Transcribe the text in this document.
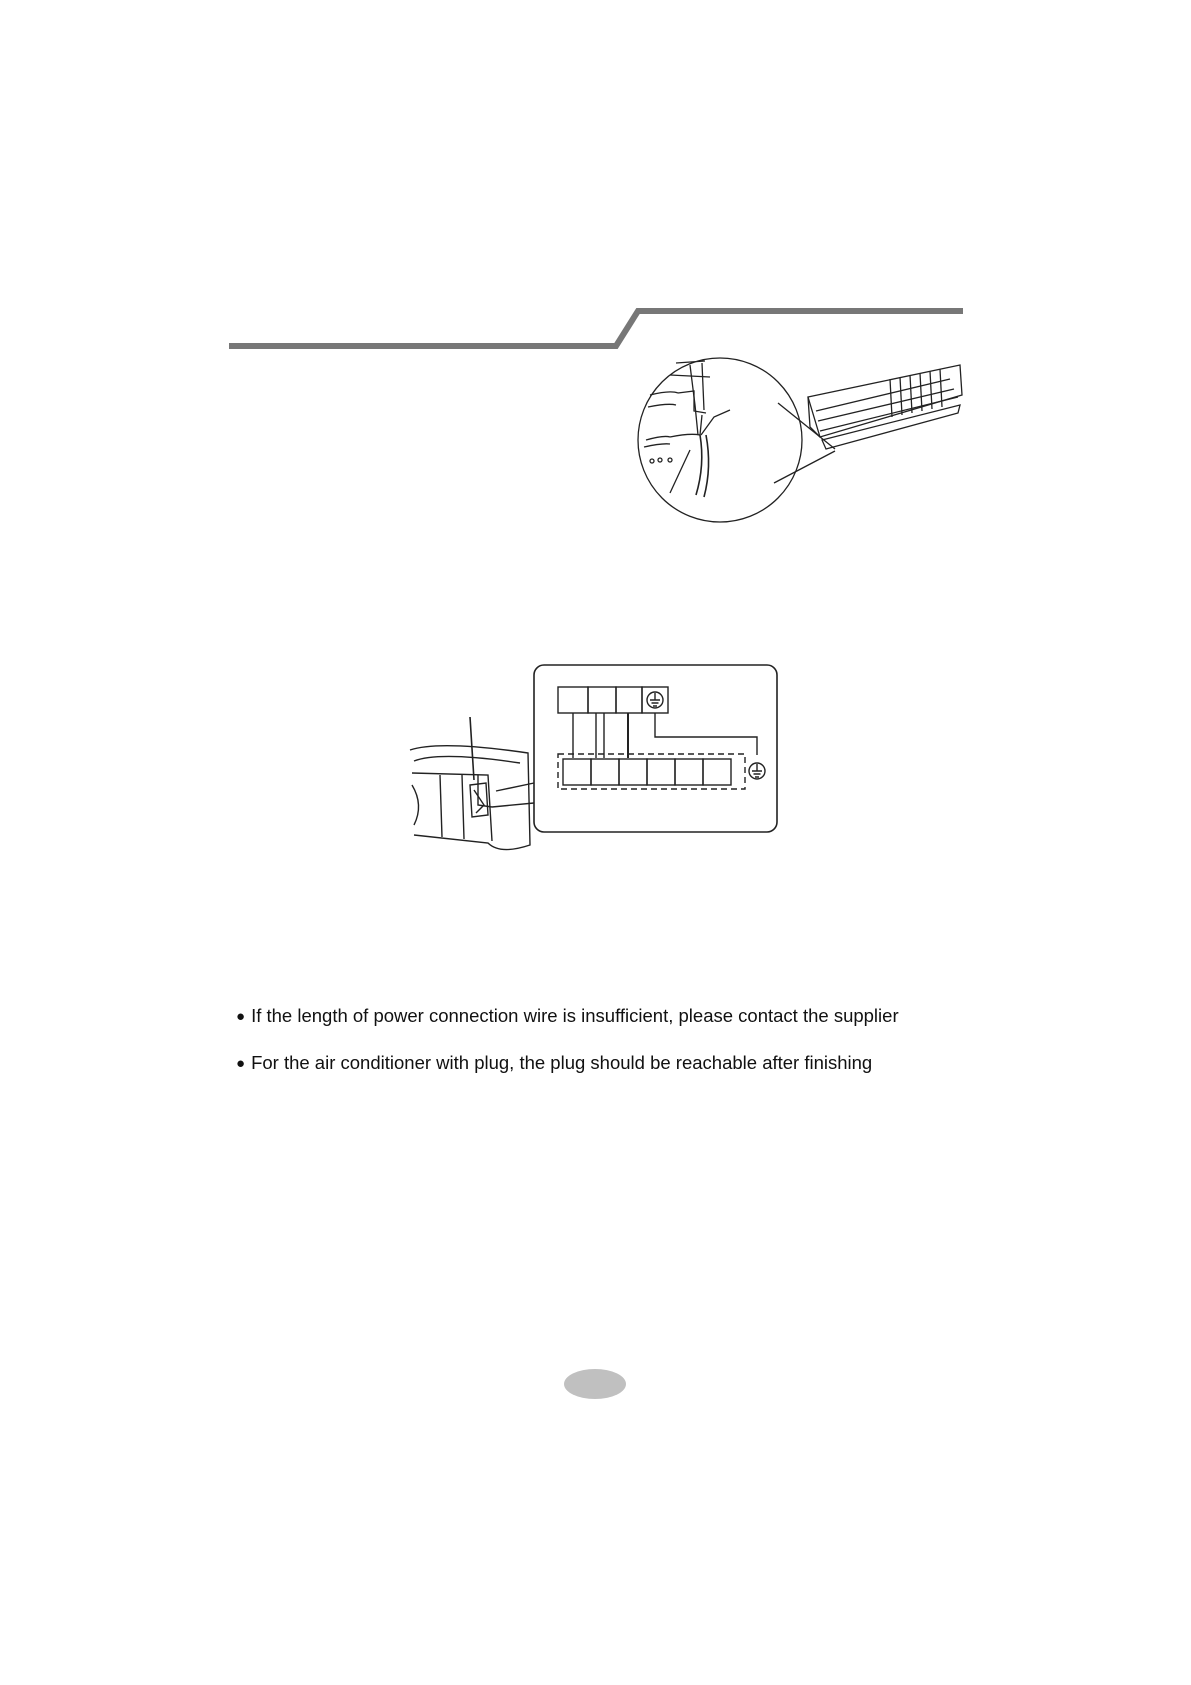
● If the length of power connection wire is insufficient, please contact the supplier
● For the air conditioner with plug, the plug should be reachable after finishing
